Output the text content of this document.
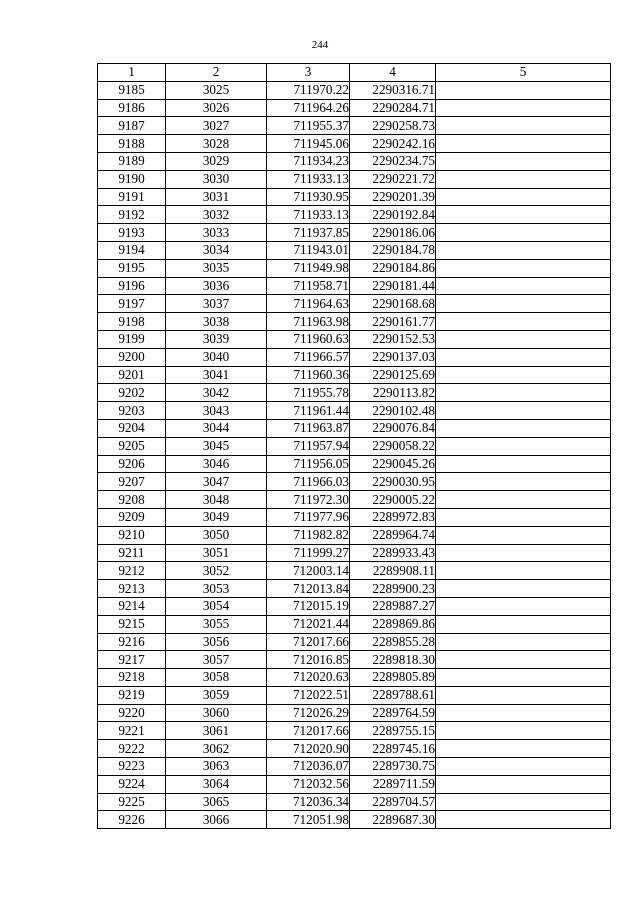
244
1	2	3	4	5
9185	3025	711970.22	2290316.71	
9186	3026	711964.26	2290284.71	
9187	3027	711955.37	2290258.73	
9188	3028	711945.06	2290242.16	
9189	3029	711934.23	2290234.75	
9190	3030	711933.13	2290221.72	
9191	3031	711930.95	2290201.39	
9192	3032	711933.13	2290192.84	
9193	3033	711937.85	2290186.06	
9194	3034	711943.01	2290184.78	
9195	3035	711949.98	2290184.86	
9196	3036	711958.71	2290181.44	
9197	3037	711964.63	2290168.68	
9198	3038	711963.98	2290161.77	
9199	3039	711960.63	2290152.53	
9200	3040	711966.57	2290137.03	
9201	3041	711960.36	2290125.69	
9202	3042	711955.78	2290113.82	
9203	3043	711961.44	2290102.48	
9204	3044	711963.87	2290076.84	
9205	3045	711957.94	2290058.22	
9206	3046	711956.05	2290045.26	
9207	3047	711966.03	2290030.95	
9208	3048	711972.30	2290005.22	
9209	3049	711977.96	2289972.83	
9210	3050	711982.82	2289964.74	
9211	3051	711999.27	2289933.43	
9212	3052	712003.14	2289908.11	
9213	3053	712013.84	2289900.23	
9214	3054	712015.19	2289887.27	
9215	3055	712021.44	2289869.86	
9216	3056	712017.66	2289855.28	
9217	3057	712016.85	2289818.30	
9218	3058	712020.63	2289805.89	
9219	3059	712022.51	2289788.61	
9220	3060	712026.29	2289764.59	
9221	3061	712017.66	2289755.15	
9222	3062	712020.90	2289745.16	
9223	3063	712036.07	2289730.75	
9224	3064	712032.56	2289711.59	
9225	3065	712036.34	2289704.57	
9226	3066	712051.98	2289687.30	
